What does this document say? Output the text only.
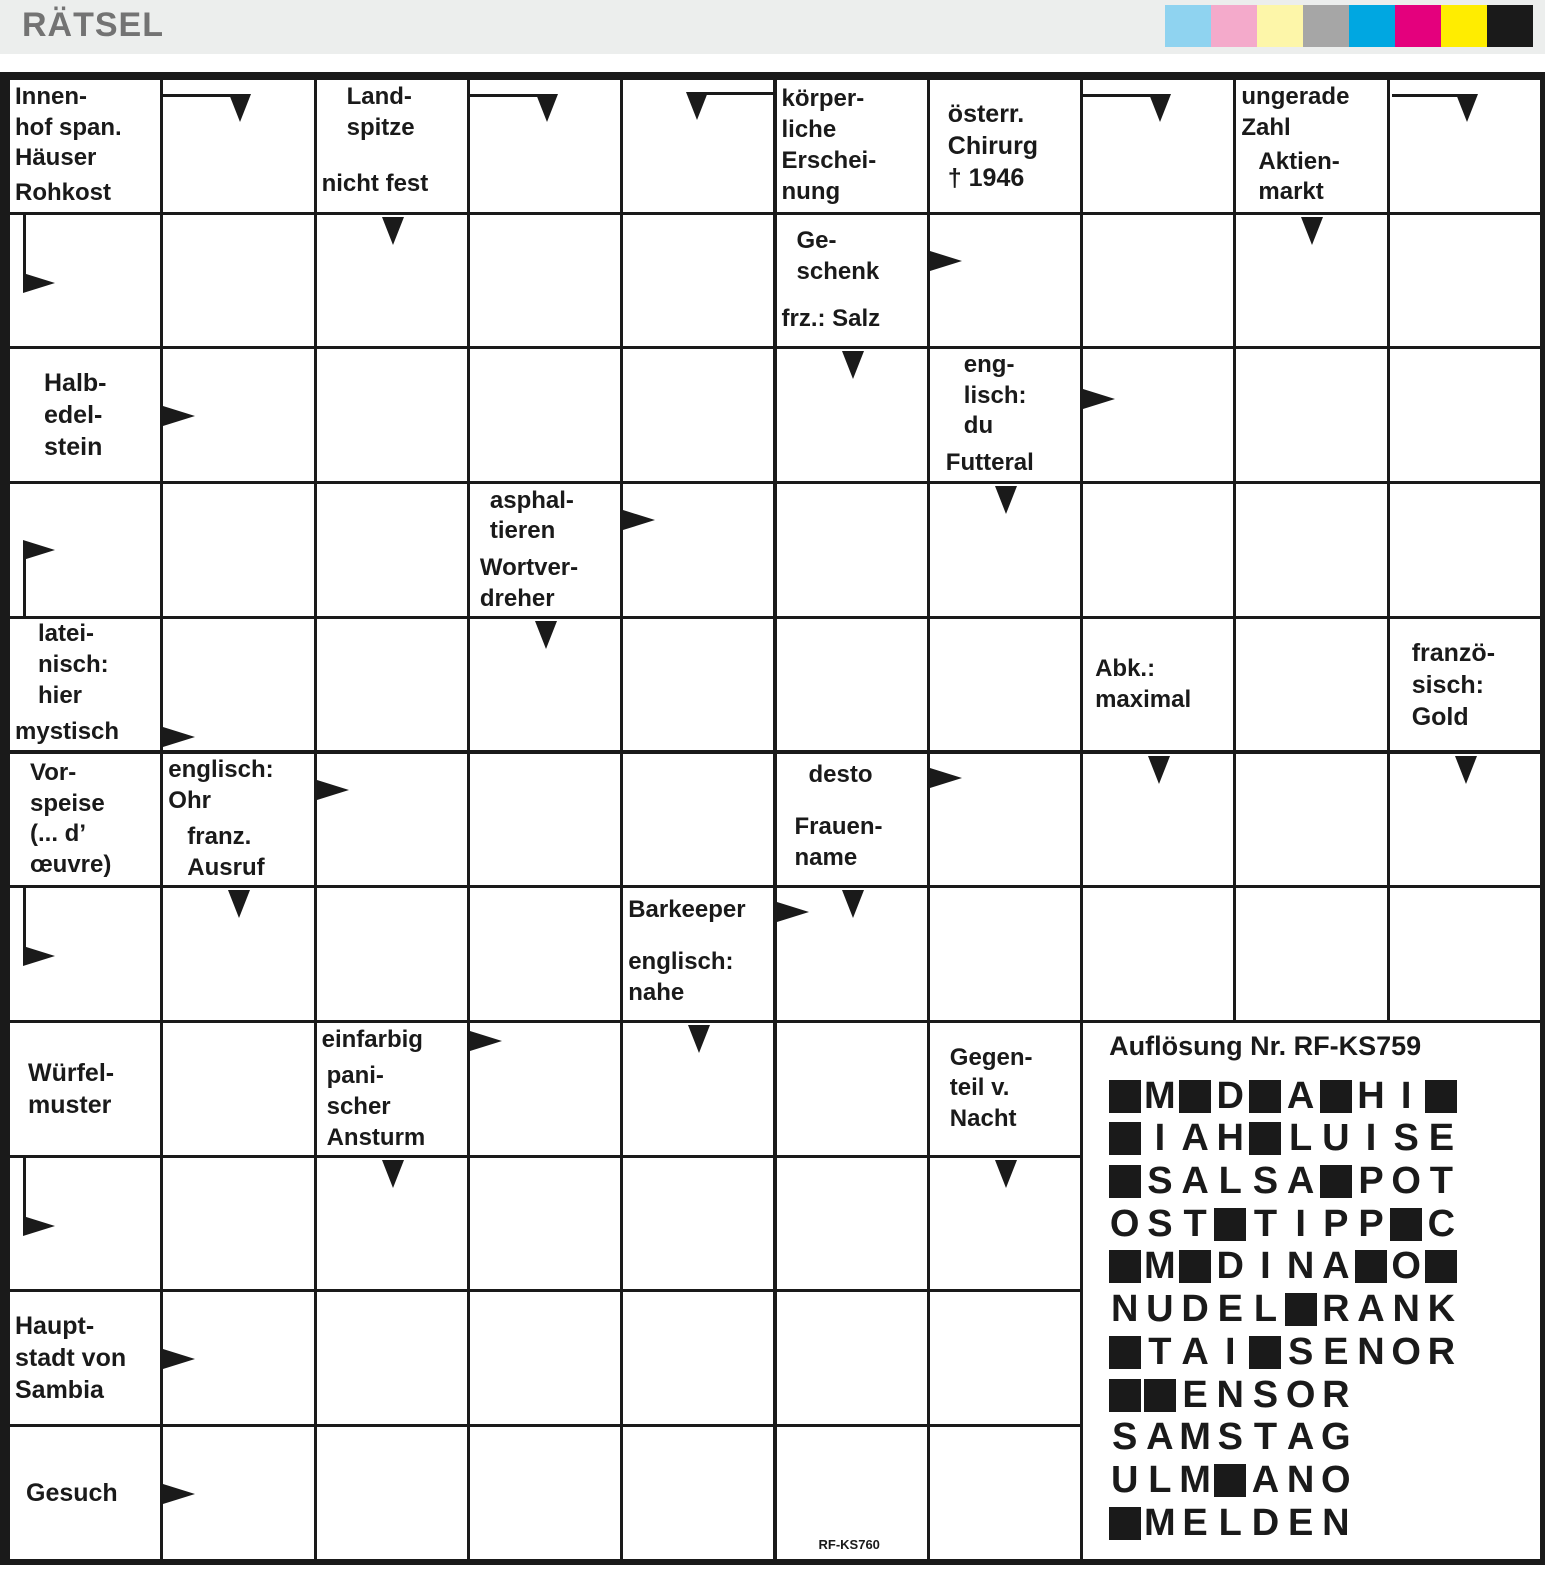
RÄTSEL
Innen-
hof span.
Häuser
Rohkost
Land-
spitze
nicht fest
körper-
liche
Erschei-
nung
österr.
Chirurg
† 1946
ungerade
Zahl
Aktien-
markt
Ge-
schenk
frz.: Salz
Halb-
edel-
stein
eng-
lisch:
du
Futteral
asphal-
tieren
Wortver-
dreher
latei-
nisch:
hier
mystisch
Abk.:
maximal
franzö-
sisch:
Gold
Vor-
speise
(... d’
œuvre)
englisch:
Ohr
franz.
Ausruf
desto
Frauen-
name
Barkeeper
englisch:
nahe
Würfel-
muster
einfarbig
pani-
scher
Ansturm
Gegen-
teil v.
Nacht
Haupt-
stadt von
Sambia
Gesuch
Auflösung Nr. RF-KS759
M D A H I
I A H L U I S E
S A L S A P O T
O S T T I P P C
M D I N A O
N U D E L R A N K
T A I	S E N O R
E N S O R
S A M S T A G
U L M A N O
M E L D E N
RF-KS760
